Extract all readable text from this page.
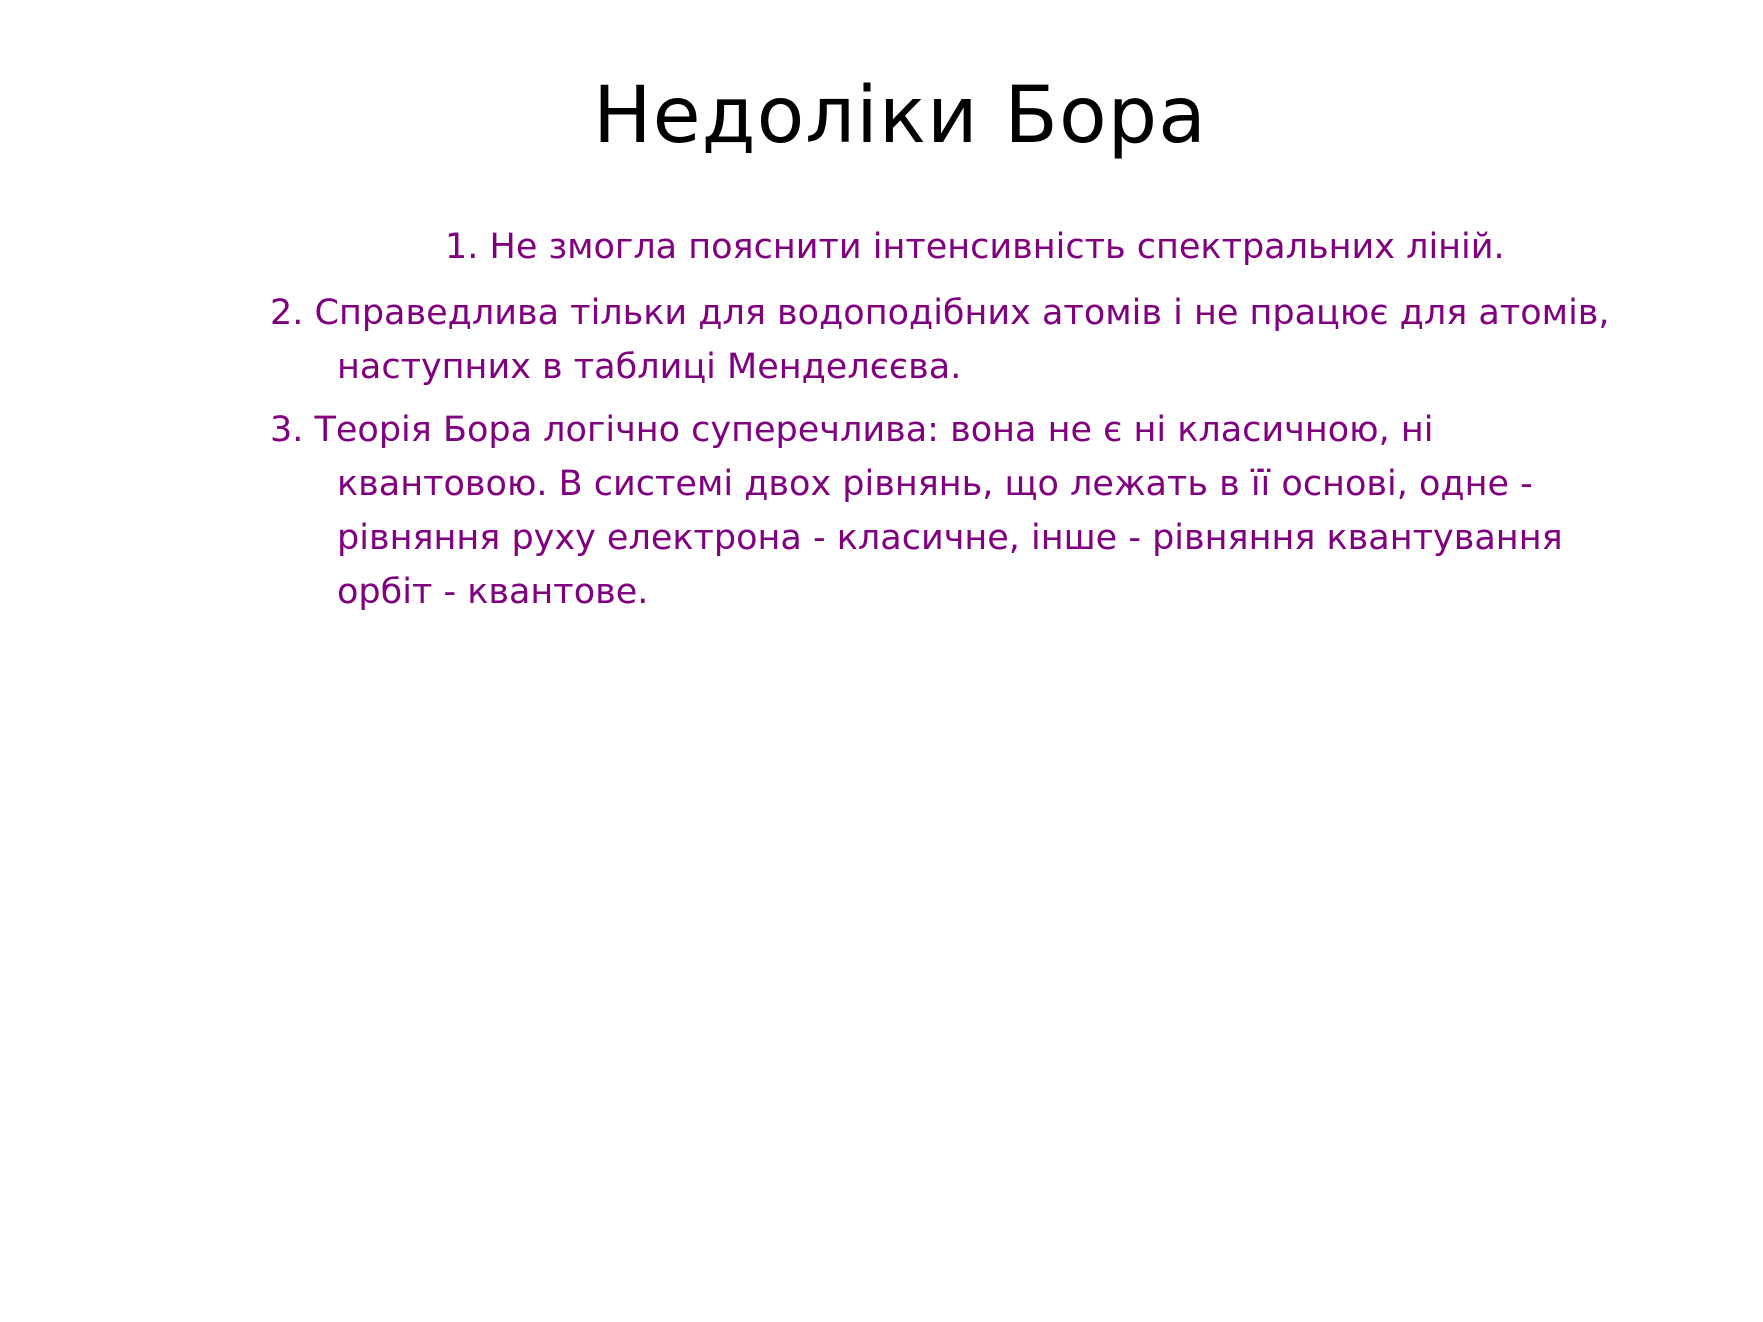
Недоліки Бора

1. Не змогла пояснити інтенсивність спектральних ліній.

2. Справедлива тільки для водоподібних атомів і не працює для атомів, наступних в таблиці Менделєєва.

3. Теорія Бора логічно суперечлива: вона не є ні класичною, ні квантовою. В системі двох рівнянь, що лежать в її основі, одне - рівняння руху електрона - класичне, інше - рівняння квантування орбіт - квантове.
